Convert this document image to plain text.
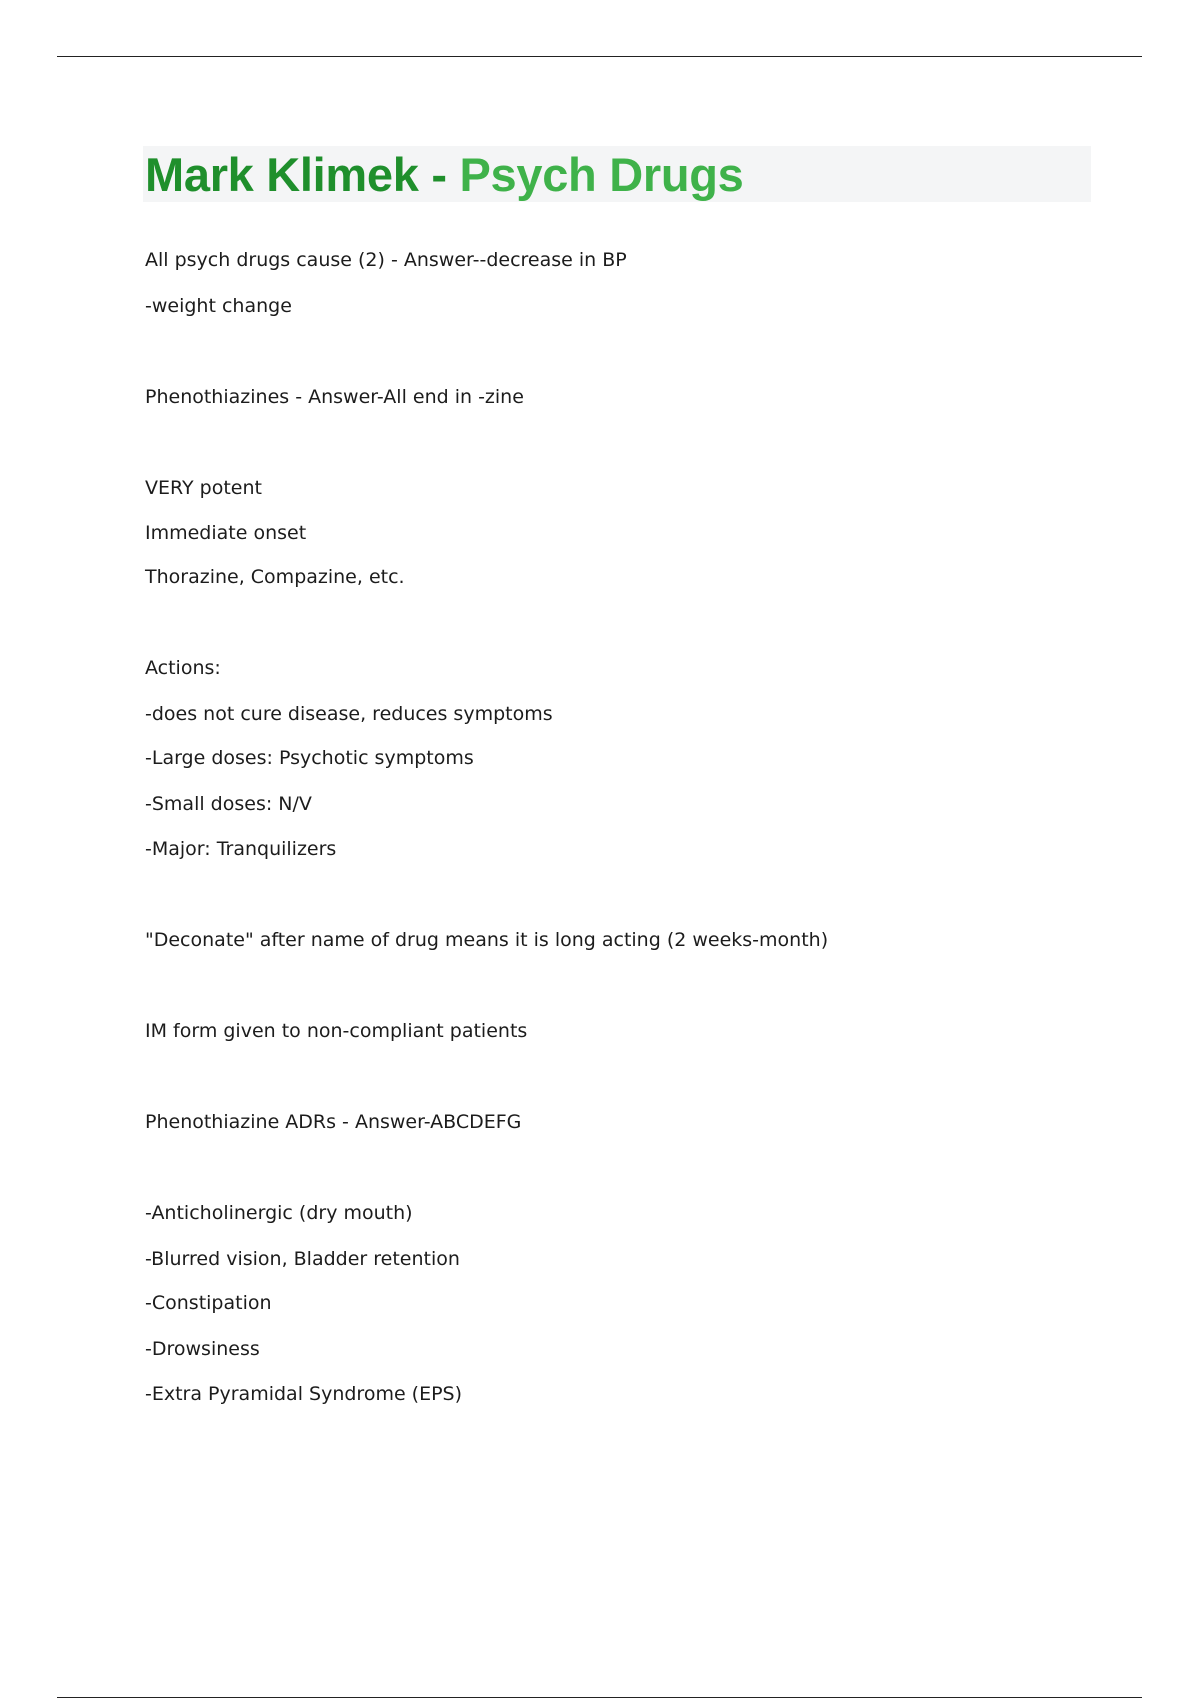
Mark Klimek - Psych Drugs

All psych drugs cause (2) - Answer--decrease in BP

-weight change

Phenothiazines - Answer-All end in -zine

VERY potent

Immediate onset

Thorazine, Compazine, etc.

Actions:

-does not cure disease, reduces symptoms

-Large doses: Psychotic symptoms

-Small doses: N/V

-Major: Tranquilizers

"Deconate" after name of drug means it is long acting (2 weeks-month)

IM form given to non-compliant patients

Phenothiazine ADRs - Answer-ABCDEFG

-Anticholinergic (dry mouth)

-Blurred vision, Bladder retention

-Constipation

-Drowsiness

-Extra Pyramidal Syndrome (EPS)
